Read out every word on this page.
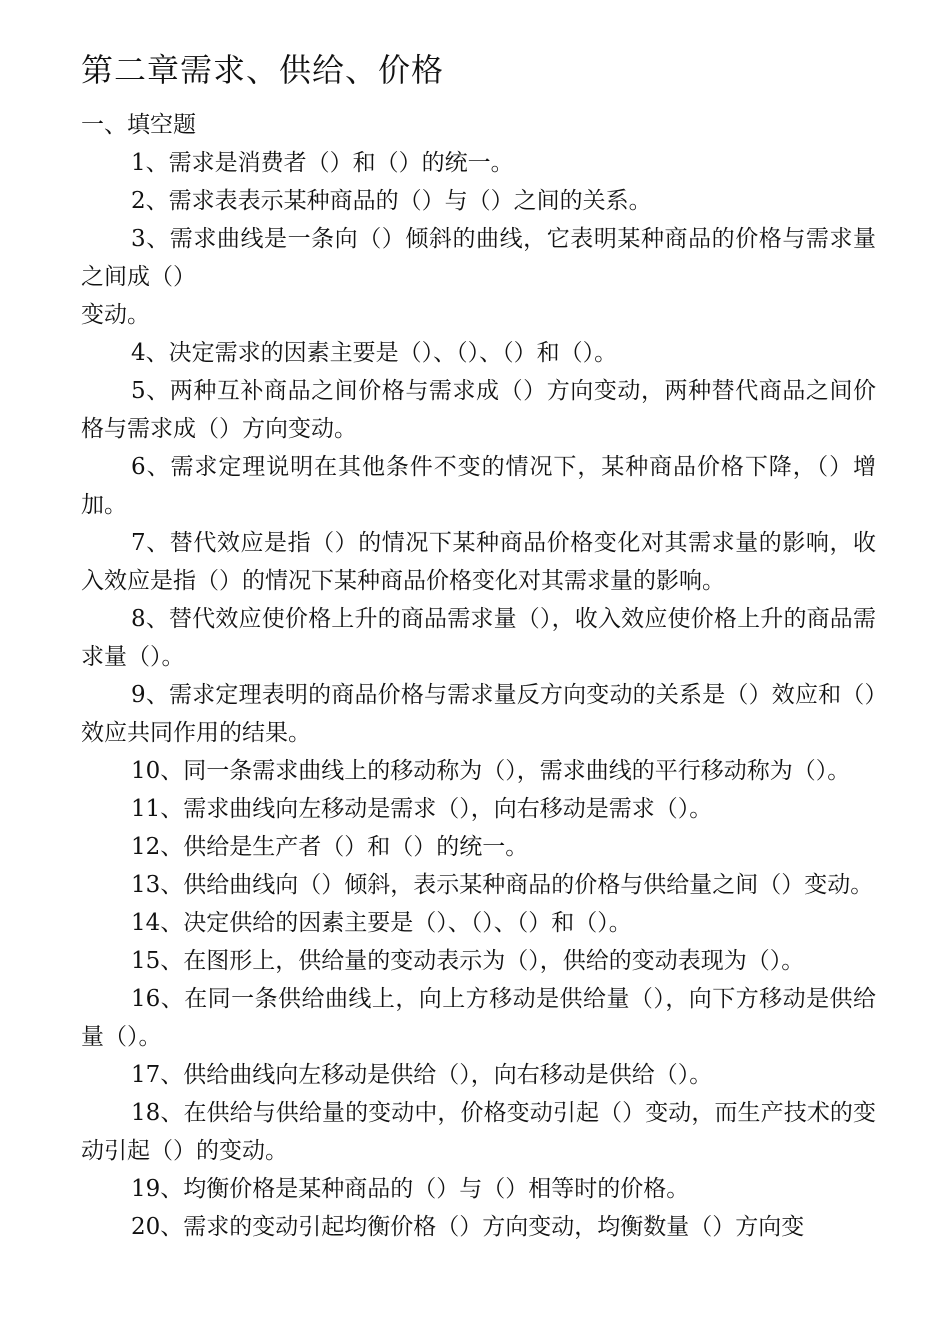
第二章需求、供给、价格
一、填空题
1、需求是消费者（）和（）的统一。
2、需求表表示某种商品的（）与（）之间的关系。
3、需求曲线是一条向（）倾斜的曲线，它表明某种商品的价格与需求量之间成（）
变动。
4、决定需求的因素主要是（）、（）、（）和（）。
5、两种互补商品之间价格与需求成（）方向变动，两种替代商品之间价格与需求成（）方向变动。
6、需求定理说明在其他条件不变的情况下，某种商品价格下降，（）增加。
7、替代效应是指（）的情况下某种商品价格变化对其需求量的影响，收入效应是指（）的情况下某种商品价格变化对其需求量的影响。
8、替代效应使价格上升的商品需求量（），收入效应使价格上升的商品需求量（）。
9、需求定理表明的商品价格与需求量反方向变动的关系是（）效应和（）效应共同作用的结果。
10、同一条需求曲线上的移动称为（），需求曲线的平行移动称为（）。
11、需求曲线向左移动是需求（），向右移动是需求（）。
12、供给是生产者（）和（）的统一。
13、供给曲线向（）倾斜，表示某种商品的价格与供给量之间（）变动。
14、决定供给的因素主要是（）、（）、（）和（）。
15、在图形上，供给量的变动表示为（），供给的变动表现为（）。
16、在同一条供给曲线上，向上方移动是供给量（），向下方移动是供给量（）。
17、供给曲线向左移动是供给（），向右移动是供给（）。
18、在供给与供给量的变动中，价格变动引起（）变动，而生产技术的变动引起（）的变动。
19、均衡价格是某种商品的（）与（）相等时的价格。
20、需求的变动引起均衡价格（）方向变动，均衡数量（）方向变
